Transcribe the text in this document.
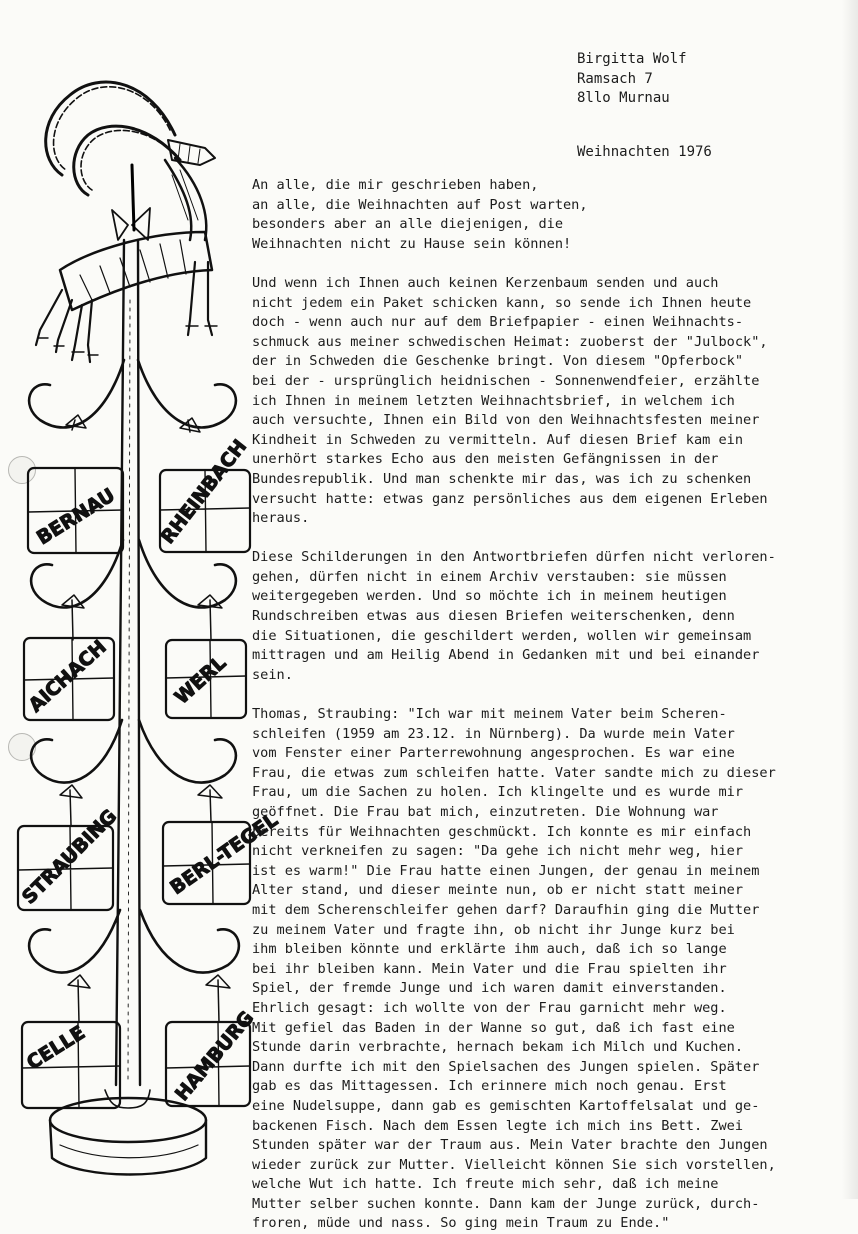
BERNAU RHEINBACH
AICHACH	WERL
STRAUBING BERL-TEGEL
CELLE	HAMBURG
Birgitta Wolf
Ramsach 7
8llo Murnau
Weihnachten 1976

An alle, die mir geschrieben haben,

an alle, die Weihnachten auf Post warten,

besonders aber an alle diejenigen, die

Weihnachten nicht zu Hause sein können!

Und wenn ich Ihnen auch keinen Kerzenbaum senden und auch

nicht jedem ein Paket schicken kann, so sende ich Ihnen heute

doch - wenn auch nur auf dem Briefpapier - einen Weihnachts-

schmuck aus meiner schwedischen Heimat: zuoberst der "Julbock",

der in Schweden die Geschenke bringt. Von diesem "Opferbock"

bei der - ursprünglich heidnischen - Sonnenwendfeier, erzählte

ich Ihnen in meinem letzten Weihnachtsbrief, in welchem ich

auch versuchte, Ihnen ein Bild von den Weihnachtsfesten meiner

Kindheit in Schweden zu vermitteln. Auf diesen Brief kam ein

unerhört starkes Echo aus den meisten Gefängnissen in der

Bundesrepublik. Und man schenkte mir das, was ich zu schenken

versucht hatte: etwas ganz persönliches aus dem eigenen Erleben

heraus.

Diese Schilderungen in den Antwortbriefen dürfen nicht verloren-

gehen, dürfen nicht in einem Archiv verstauben: sie müssen

weitergegeben werden. Und so möchte ich in meinem heutigen

Rundschreiben etwas aus diesen Briefen weiterschenken, denn

die Situationen, die geschildert werden, wollen wir gemeinsam

mittragen und am Heilig Abend in Gedanken mit und bei einander

sein.

Thomas, Straubing: "Ich war mit meinem Vater beim Scheren-

schleifen (1959 am 23.12. in Nürnberg). Da wurde mein Vater

vom Fenster einer Parterrewohnung angesprochen. Es war eine

Frau, die etwas zum schleifen hatte. Vater sandte mich zu dieser

Frau, um die Sachen zu holen. Ich klingelte und es wurde mir

geöffnet. Die Frau bat mich, einzutreten. Die Wohnung war

bereits für Weihnachten geschmückt. Ich konnte es mir einfach

nicht verkneifen zu sagen: "Da gehe ich nicht mehr weg, hier

ist es warm!" Die Frau hatte einen Jungen, der genau in meinem

Alter stand, und dieser meinte nun, ob er nicht statt meiner

mit dem Scherenschleifer gehen darf? Daraufhin ging die Mutter

zu meinem Vater und fragte ihn, ob nicht ihr Junge kurz bei

ihm bleiben könnte und erklärte ihm auch, daß ich so lange

bei ihr bleiben kann. Mein Vater und die Frau spielten ihr

Spiel, der fremde Junge und ich waren damit einverstanden.

Ehrlich gesagt: ich wollte von der Frau garnicht mehr weg.

Mit gefiel das Baden in der Wanne so gut, daß ich fast eine

Stunde darin verbrachte, hernach bekam ich Milch und Kuchen.

Dann durfte ich mit den Spielsachen des Jungen spielen. Später

gab es das Mittagessen. Ich erinnere mich noch genau. Erst

eine Nudelsuppe, dann gab es gemischten Kartoffelsalat und ge-

backenen Fisch. Nach dem Essen legte ich mich ins Bett. Zwei

Stunden später war der Traum aus. Mein Vater brachte den Jungen

wieder zurück zur Mutter. Vielleicht können Sie sich vorstellen,

welche Wut ich hatte. Ich freute mich sehr, daß ich meine

Mutter selber suchen konnte. Dann kam der Junge zurück, durch-

froren, müde und nass. So ging mein Traum zu Ende."
